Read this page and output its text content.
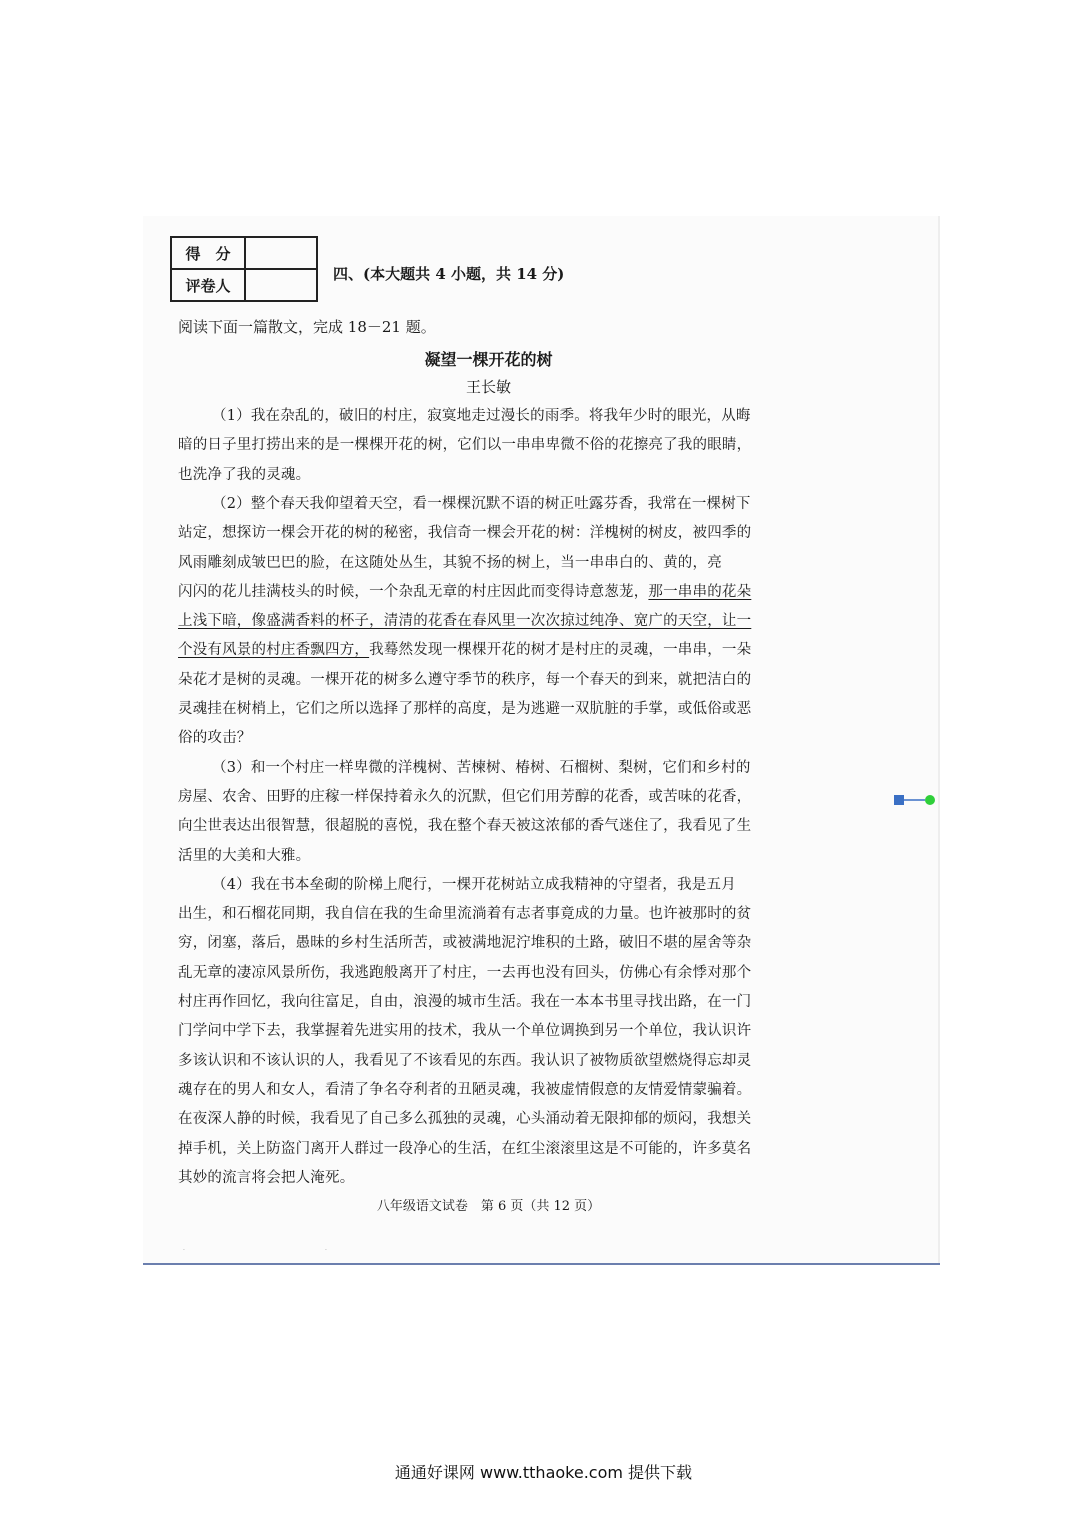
得　分	
评卷人	
四、(本大题共 4 小题，共 14 分)
阅读下面一篇散文，完成 18－21 题。
凝望一棵开花的树
王长敏
（1）我在杂乱的，破旧的村庄，寂寞地走过漫长的雨季。将我年少时的眼光，从晦
暗的日子里打捞出来的是一棵棵开花的树，它们以一串串卑微不俗的花擦亮了我的眼睛，
也洗净了我的灵魂。
（2）整个春天我仰望着天空，看一棵棵沉默不语的树正吐露芬香，我常在一棵树下
站定，想探访一棵会开花的树的秘密，我信奇一棵会开花的树：洋槐树的树皮，被四季的
风雨雕刻成皱巴巴的脸，在这随处丛生，其貌不扬的树上，当一串串白的、黄的，亮
闪闪的花儿挂满枝头的时候，一个杂乱无章的村庄因此而变得诗意葱茏，那一串串的花朵
上浅下暗，像盛满香料的杯子，清清的花香在春风里一次次掠过纯净、宽广的天空，让一
个没有风景的村庄香飘四方，我蓦然发现一棵棵开花的树才是村庄的灵魂，一串串，一朵
朵花才是树的灵魂。一棵开花的树多么遵守季节的秩序，每一个春天的到来，就把洁白的
灵魂挂在树梢上，它们之所以选择了那样的高度，是为逃避一双肮脏的手掌，或低俗或恶
俗的攻击？
（3）和一个村庄一样卑微的洋槐树、苦楝树、椿树、石榴树、梨树，它们和乡村的
房屋、农舍、田野的庄稼一样保持着永久的沉默，但它们用芳醇的花香，或苦味的花香，
向尘世表达出很智慧，很超脱的喜悦，我在整个春天被这浓郁的香气迷住了，我看见了生
活里的大美和大雅。
（4）我在书本垒砌的阶梯上爬行，一棵开花树站立成我精神的守望者，我是五月
出生，和石榴花同期，我自信在我的生命里流淌着有志者事竟成的力量。也许被那时的贫
穷，闭塞，落后，愚昧的乡村生活所苦，或被满地泥泞堆积的土路，破旧不堪的屋舍等杂
乱无章的凄凉风景所伤，我逃跑般离开了村庄，一去再也没有回头，仿佛心有余悸对那个
村庄再作回忆，我向往富足，自由，浪漫的城市生活。我在一本本书里寻找出路，在一门
门学问中学下去，我掌握着先进实用的技术，我从一个单位调换到另一个单位，我认识许
多该认识和不该认识的人，我看见了不该看见的东西。我认识了被物质欲望燃烧得忘却灵
魂存在的男人和女人，看清了争名夺利者的丑陋灵魂，我被虚情假意的友情爱情蒙骗着。
在夜深人静的时候，我看见了自己多么孤独的灵魂，心头涌动着无限抑郁的烦闷，我想关
掉手机，关上防盗门离开人群过一段净心的生活，在红尘滚滚里这是不可能的，许多莫名
其妙的流言将会把人淹死。
八年级语文试卷　第 6 页（共 12 页）
·	·
通通好课网 www.tthaoke.com 提供下载
